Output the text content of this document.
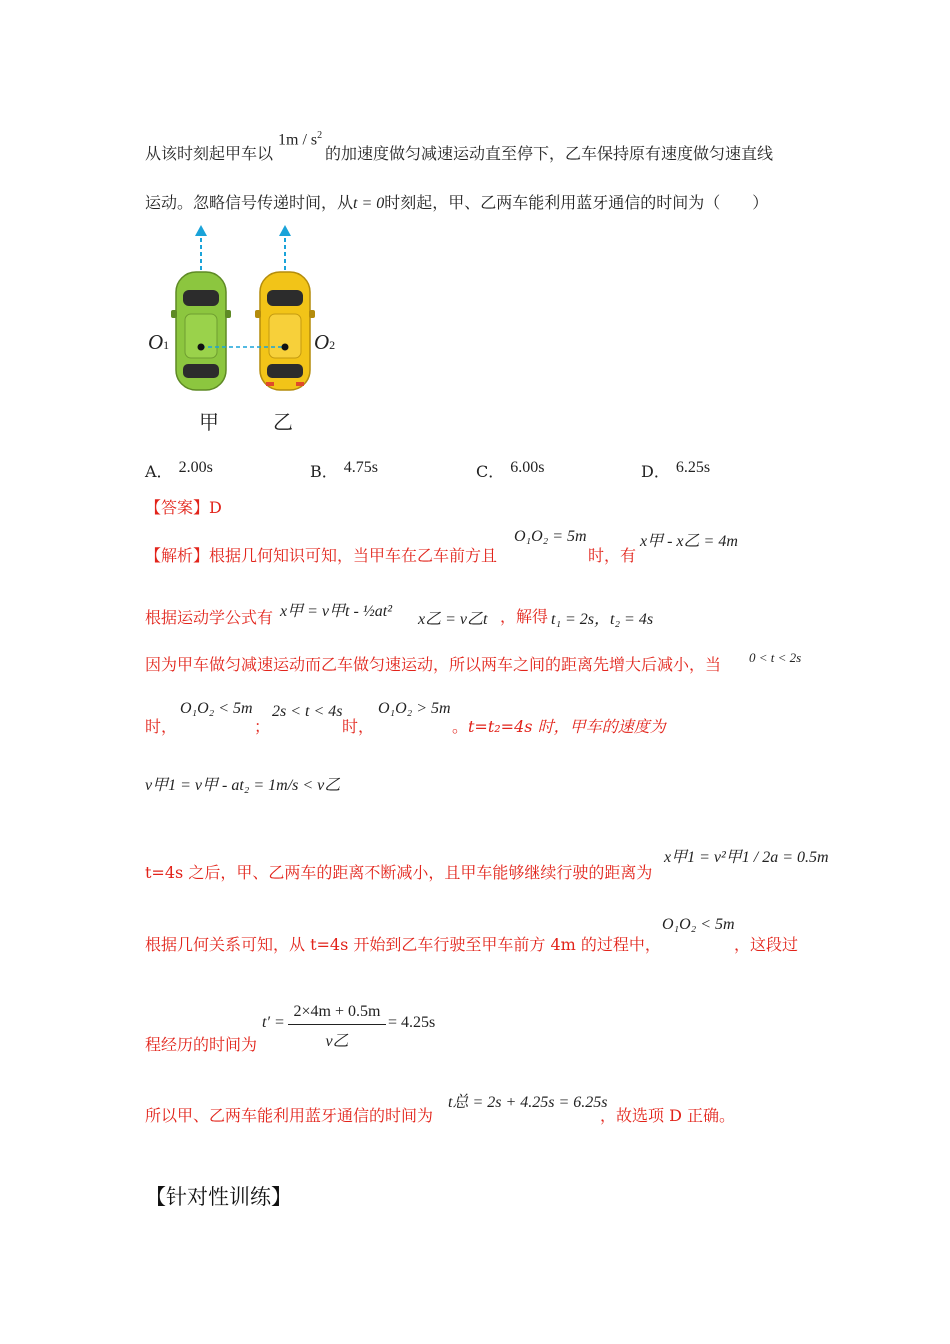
$1m / s^2$
从该时刻起甲车以	的加速度做匀减速运动直至停下，乙车保持原有速度做匀速直线
运动。忽略信号传递时间，从t = 0时刻起，甲、乙两车能利用蓝牙通信的时间为（　　）
O1	O2
甲	乙
A． 2.00s	B． 4.75s	C． 6.00s	D． 6.25s
【答案】D
【解析】根据几何知识可知，当甲车在乙车前方且
O₁O₂ = 5m
时，有
x甲 - x乙 = 4m
根据运动学公式有 x甲 = v甲t - ½at² x乙 = v乙t ，解得 t₁ = 2s，t₂ = 4s
因为甲车做匀减速运动而乙车做匀速运动，所以两车之间的距离先增大后减小，当 0 < t < 2s
时，
O₁O₂ < 5m
；
2s < t < 4s
时，
O₁O₂ > 5m
。 t=t₂=4s 时，甲车的速度为
v甲1 = v甲 - at₂ = 1m/s < v乙
t=4s 之后，甲、乙两车的距离不断减小，且甲车能够继续行驶的距离为
x甲1 = v²甲1 / 2a = 0.5m
根据几何关系可知，从 t=4s 开始到乙车行驶至甲车前方 4m 的过程中，
O₁O₂ < 5m
，这段过
t′ =
2×4m + 0.5m
v乙
= 4.25s
程经历的时间为
所以甲、乙两车能利用蓝牙通信的时间为
t总 = 2s + 4.25s = 6.25s
，故选项 D 正确。
【针对性训练】
